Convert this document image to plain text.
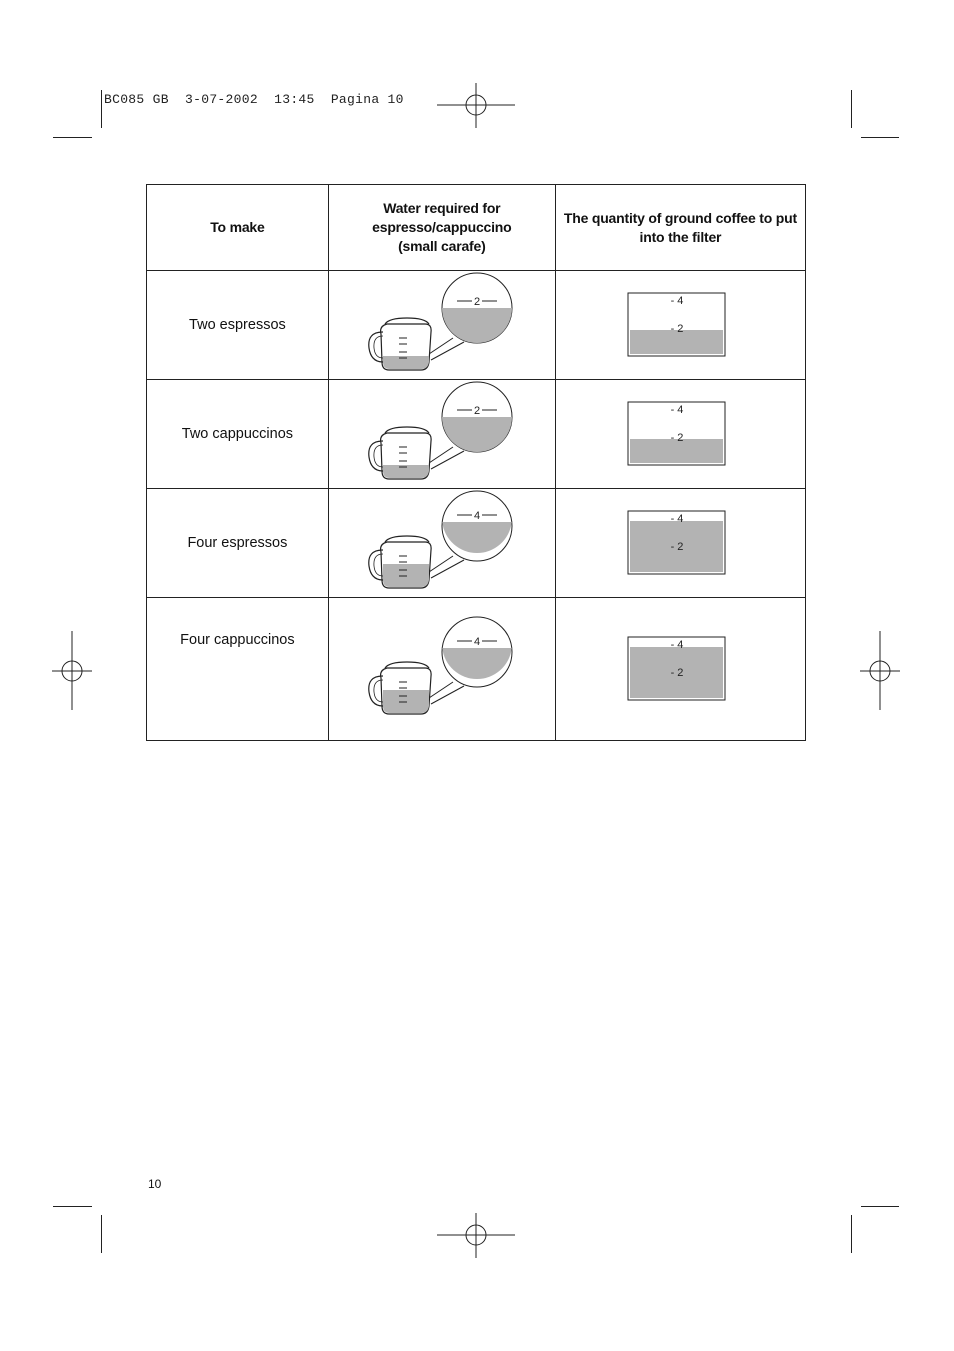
BC085 GB  3-07-2002  13:45  Pagina 10
To make	Water required for espresso/cappuccino (small carafe)	The quantity of ground coffee to put into the filter

Two espressos	2	- 4
- 2

Two cappuccinos	2	- 4
- 2

Four espressos	4	- 4
- 2

Four cappuccinos	4	- 4
- 2
10
